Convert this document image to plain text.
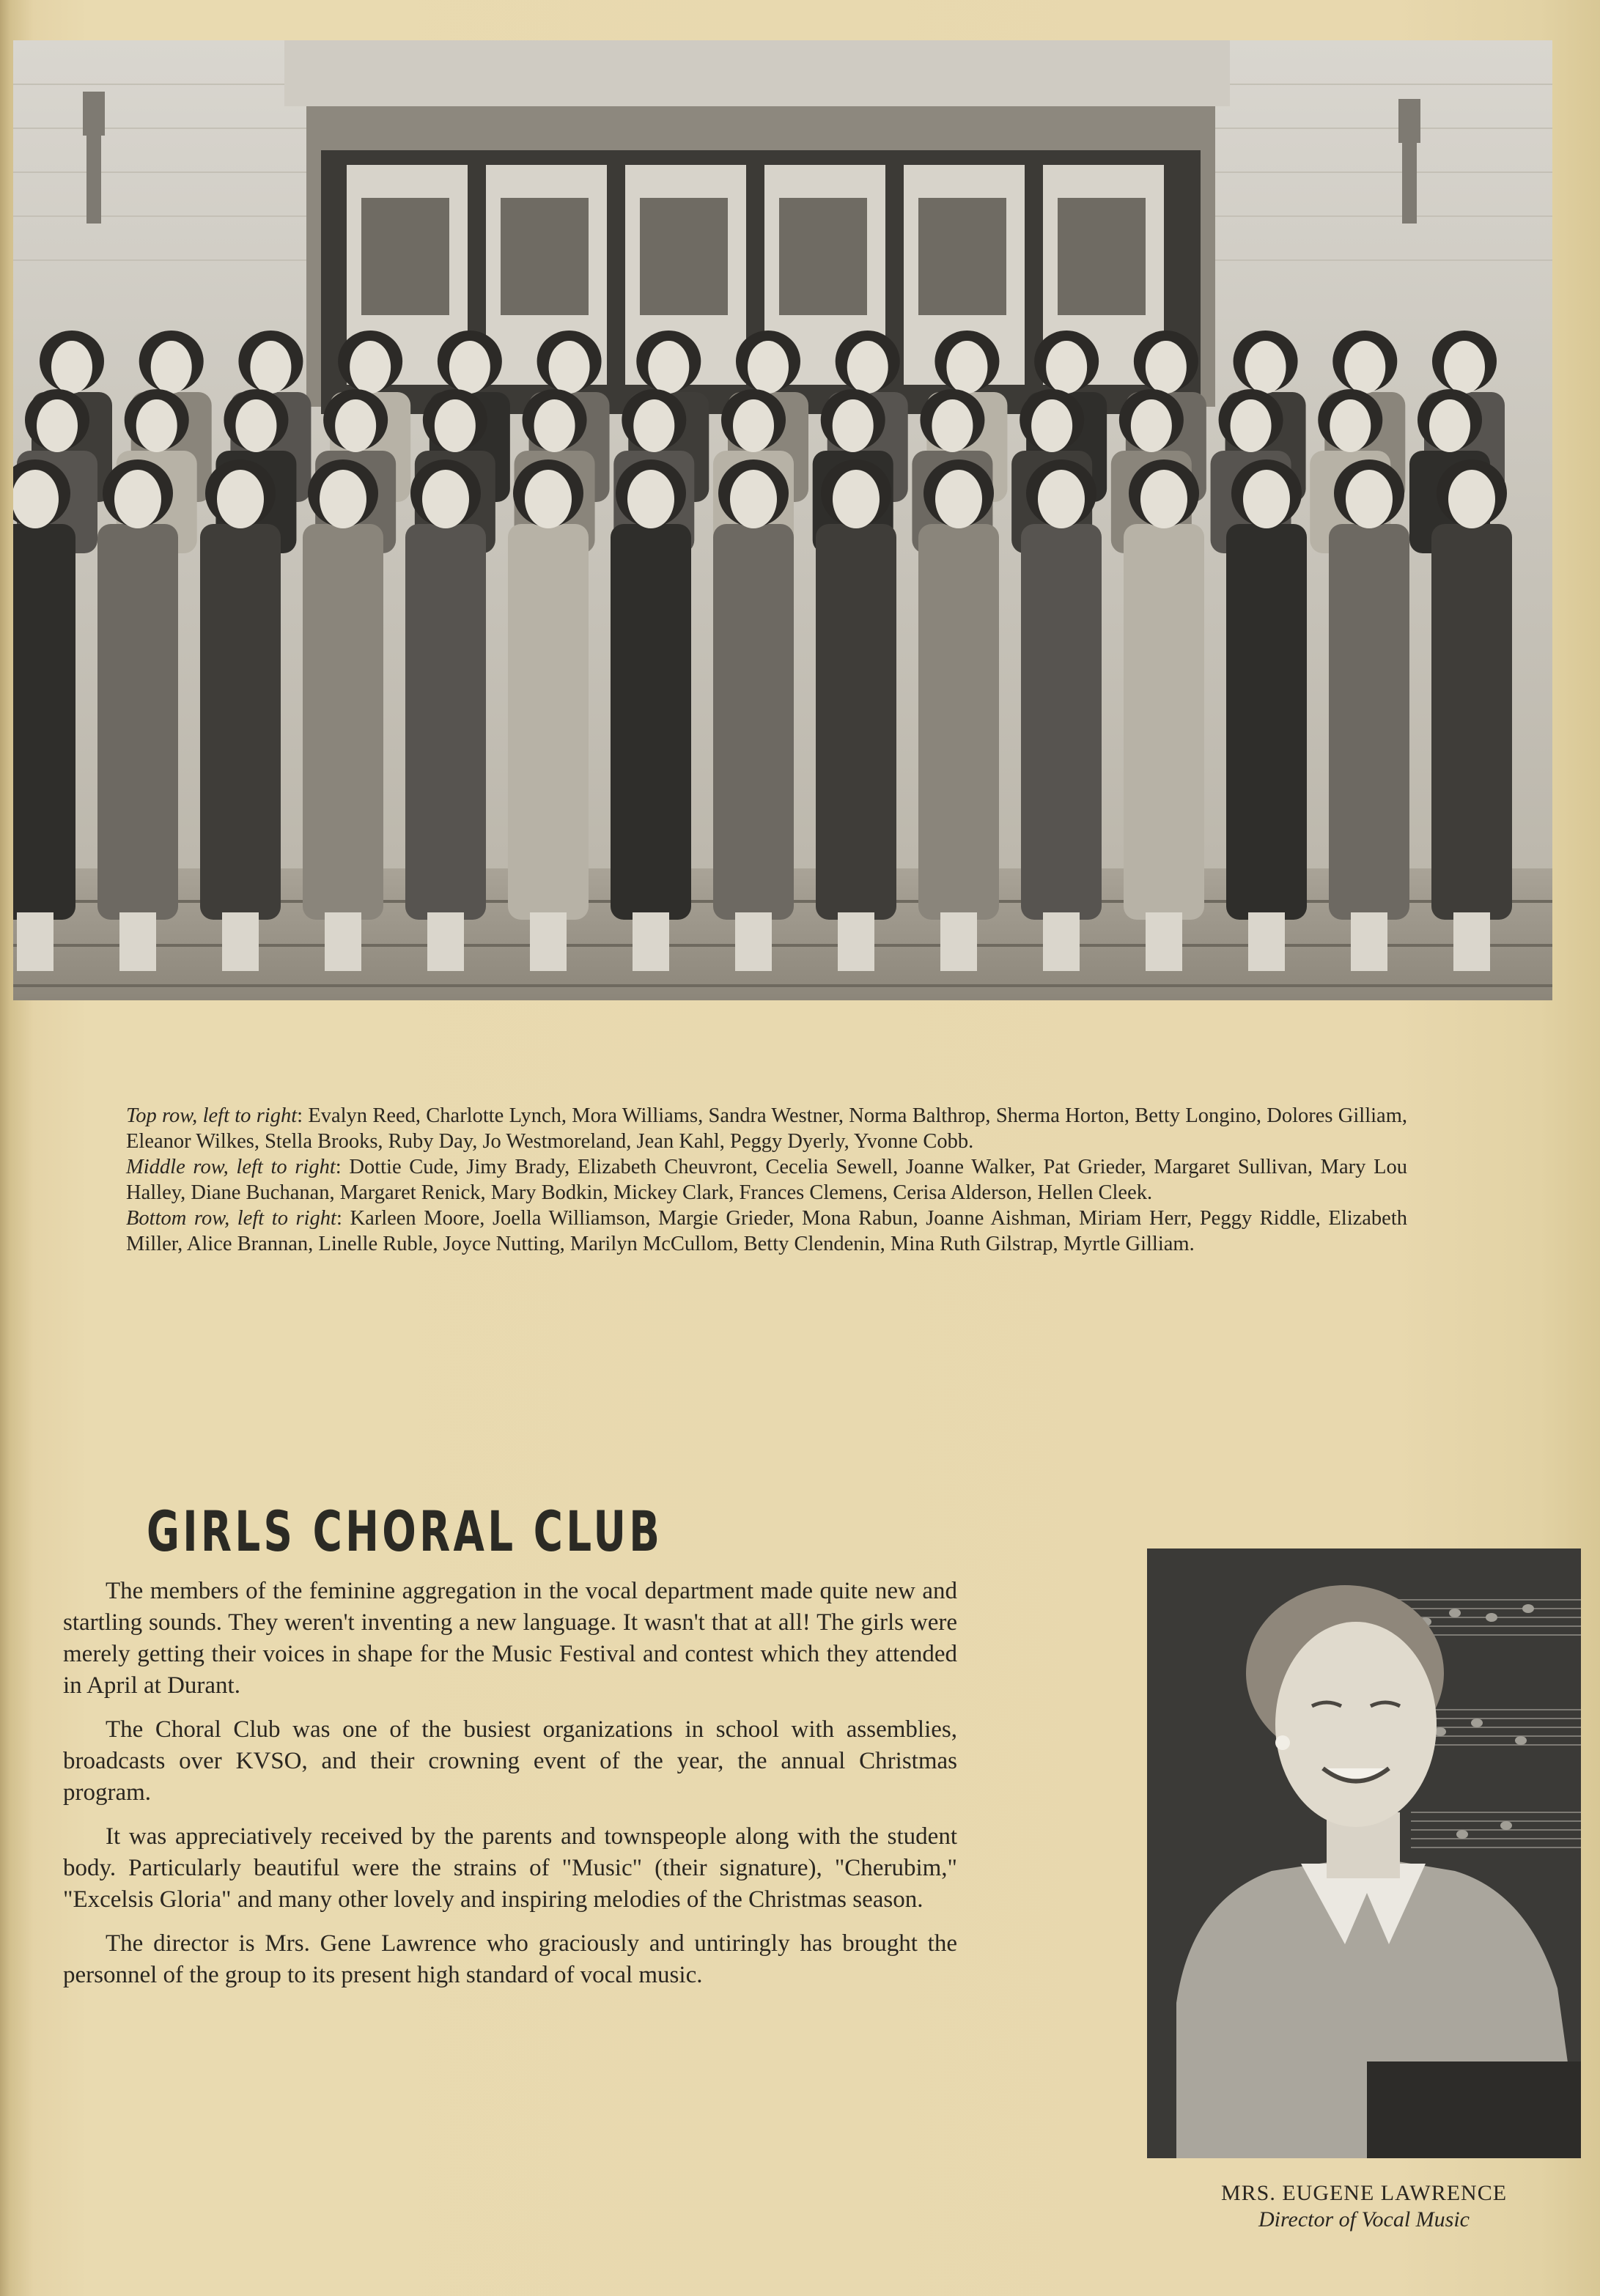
Top row, left to right: Evalyn Reed, Charlotte Lynch, Mora Williams, Sandra Westner, Norma Balthrop, Sherma Horton, Betty Longino, Dolores Gilliam, Eleanor Wilkes, Stella Brooks, Ruby Day, Jo Westmoreland, Jean Kahl, Peggy Dyerly, Yvonne Cobb.

Middle row, left to right: Dottie Cude, Jimy Brady, Elizabeth Cheuvront, Cecelia Sewell, Joanne Walker, Pat Grieder, Margaret Sullivan, Mary Lou Halley, Diane Buchanan, Margaret Renick, Mary Bodkin, Mickey Clark, Frances Clemens, Cerisa Alderson, Hellen Cleek.

Bottom row, left to right: Karleen Moore, Joella Williamson, Margie Grieder, Mona Rabun, Joanne Aishman, Miriam Herr, Peggy Riddle, Elizabeth Miller, Alice Brannan, Linelle Ruble, Joyce Nutting, Marilyn McCullom, Betty Clendenin, Mina Ruth Gilstrap, Myrtle Gilliam.

GIRLS CHORAL CLUB

The members of the feminine aggregation in the vocal department made quite new and startling sounds. They weren't inventing a new language. It wasn't that at all! The girls were merely getting their voices in shape for the Music Festival and contest which they attended in April at Durant.

The Choral Club was one of the busiest organizations in school with assemblies, broadcasts over KVSO, and their crowning event of the year, the annual Christmas program.

It was appreciatively received by the parents and townspeople along with the student body. Particularly beautiful were the strains of "Music" (their signature), "Cherubim," "Excelsis Gloria" and many other lovely and inspiring melodies of the Christmas season.

The director is Mrs. Gene Lawrence who graciously and untiringly has brought the personnel of the group to its present high standard of vocal music.

MRS. EUGENE LAWRENCE
Director of Vocal Music
